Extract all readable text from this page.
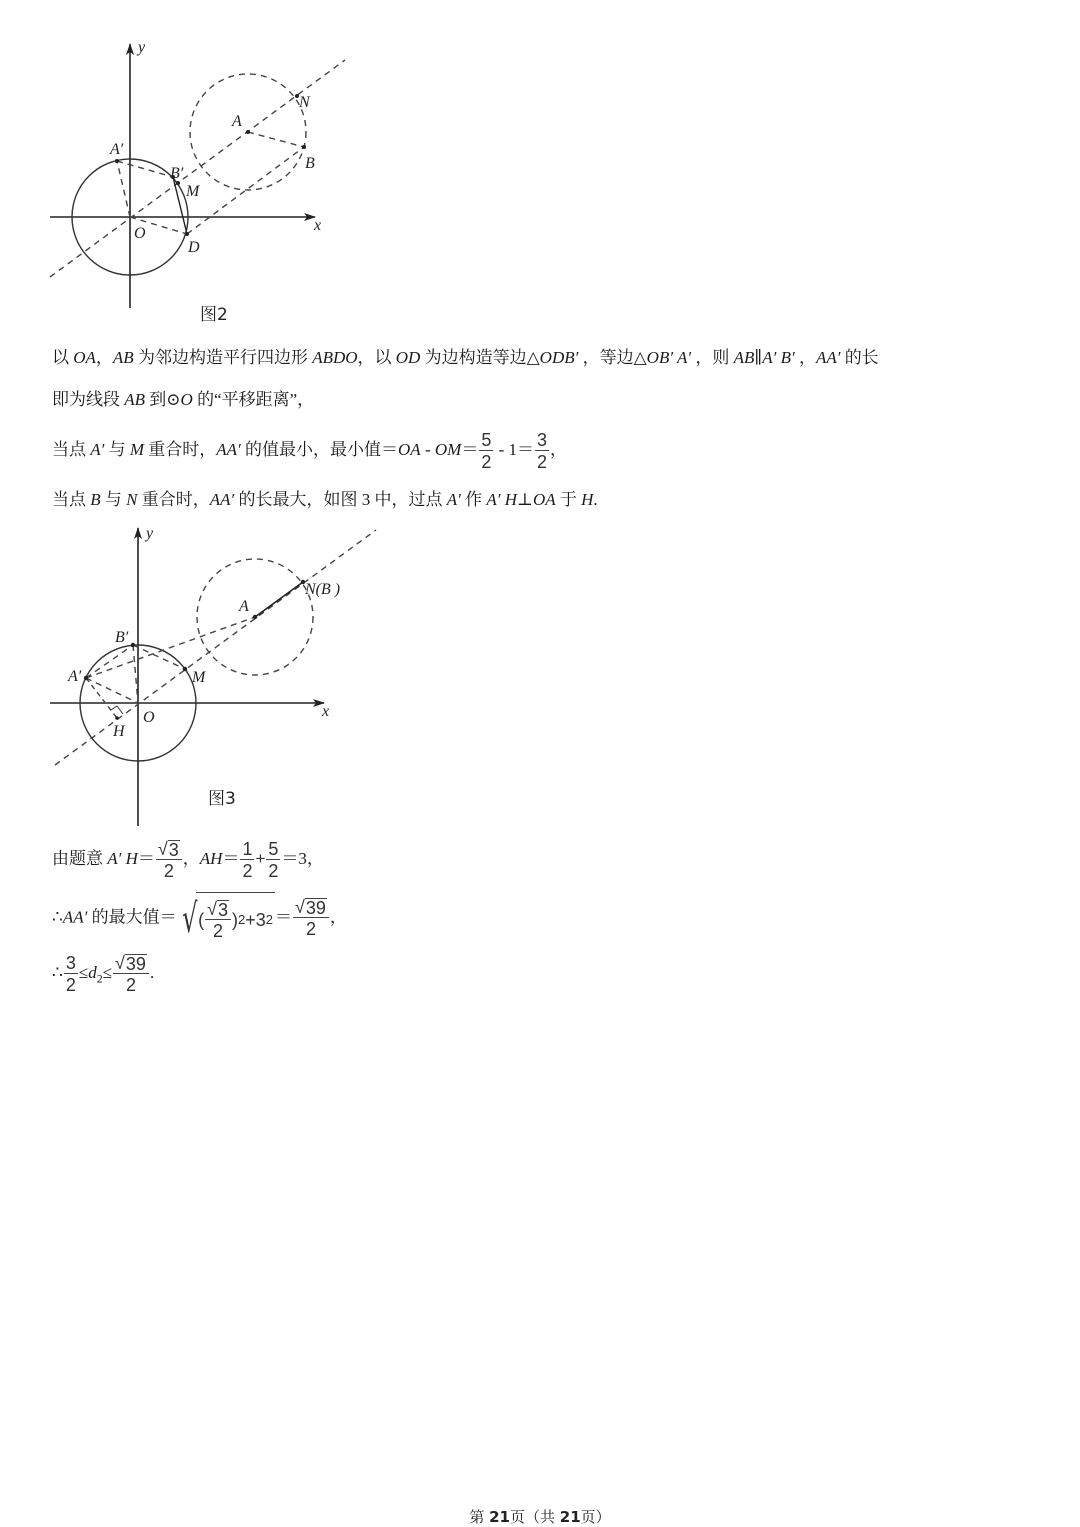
y
x
O
A
B
N
A′
B′
M
D
图2
以 OA，AB 为邻边构造平行四边形 ABDO，以 OD 为边构造等边△ODB′ ，等边△OB′ A′ ，则 AB∥A′ B′ ，AA′ 的长
即为线段 AB 到⊙O 的“平移距离”，
当点 A′ 与 M 重合时，AA′ 的值最小，最小值$=OA - OM= \frac{5}{2} - 1= \frac{3}{2}$ ，
当点 B 与 N 重合时，AA′ 的长最大，如图 3 中，过点 A′ 作 A′ H⊥OA 于 H.
y
x
O
A
N(B )
A′
B′
M
H
图3
由题意 A′ $H= \frac{√ 3}{2}$ ，$AH= \frac{1}{2} + \frac{5}{2} =3$，
∴AA′ 的最大值＝ √ ( $\frac{√ 3}{2}$ ) 2 +3 $2 = \frac{√ 39}{2}$ ，
∴ $\frac{3}{2} \le d_2\le \frac{√ 39}{2}$ .
第 21页（共 21页）
